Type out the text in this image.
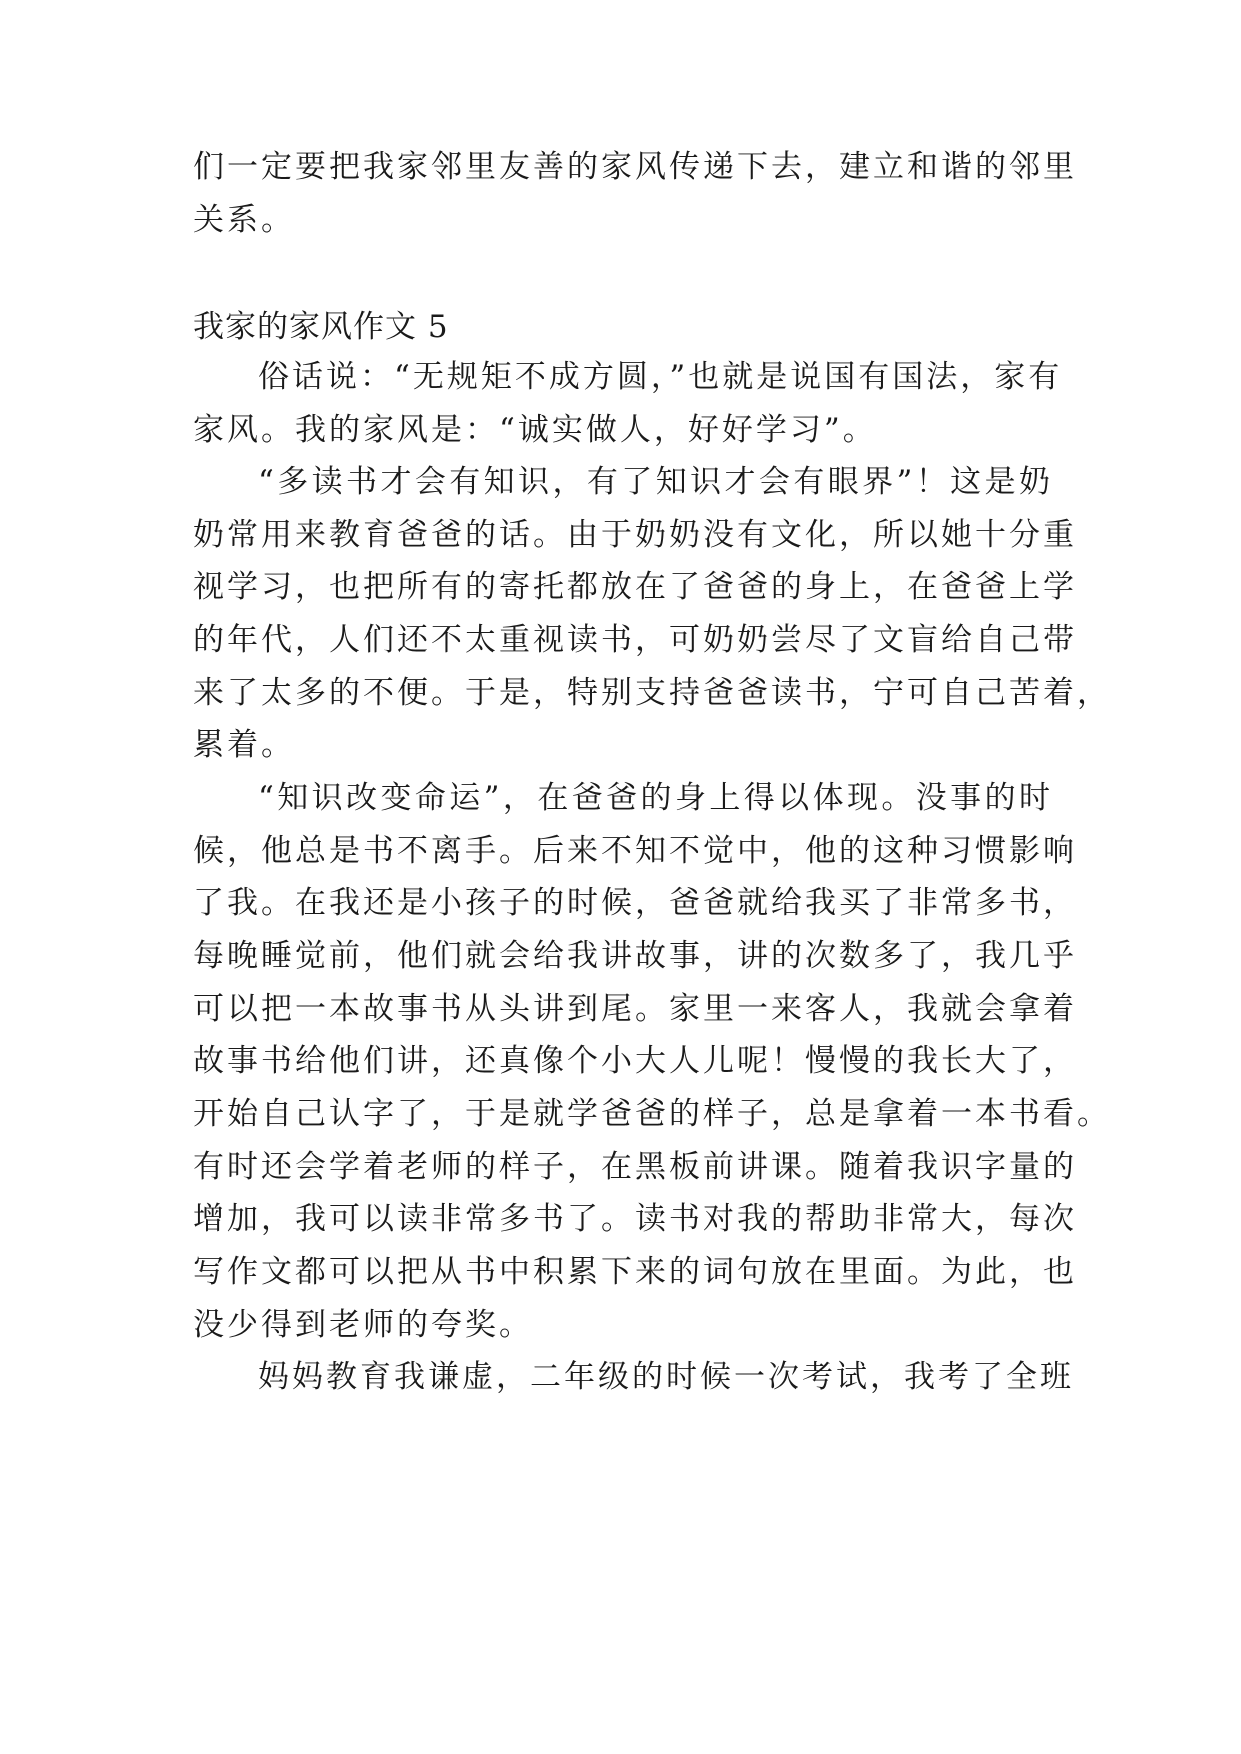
们一定要把我家邻里友善的家风传递下去，建立和谐的邻里
关系。
我家的家风作文 5
俗话说：“无规矩不成方圆，”也就是说国有国法，家有
家风。我的家风是：“诚实做人，好好学习”。
“多读书才会有知识，有了知识才会有眼界”！这是奶
奶常用来教育爸爸的话。由于奶奶没有文化，所以她十分重
视学习，也把所有的寄托都放在了爸爸的身上，在爸爸上学
的年代，人们还不太重视读书，可奶奶尝尽了文盲给自己带
来了太多的不便。于是，特别支持爸爸读书，宁可自己苦着，
累着。
“知识改变命运”，在爸爸的身上得以体现。没事的时
候，他总是书不离手。后来不知不觉中，他的这种习惯影响
了我。在我还是小孩子的时候，爸爸就给我买了非常多书，
每晚睡觉前，他们就会给我讲故事，讲的次数多了，我几乎
可以把一本故事书从头讲到尾。家里一来客人，我就会拿着
故事书给他们讲，还真像个小大人儿呢！慢慢的我长大了，
开始自己认字了，于是就学爸爸的样子，总是拿着一本书看。
有时还会学着老师的样子，在黑板前讲课。随着我识字量的
增加，我可以读非常多书了。读书对我的帮助非常大，每次
写作文都可以把从书中积累下来的词句放在里面。为此，也
没少得到老师的夸奖。
妈妈教育我谦虚，二年级的时候一次考试，我考了全班
